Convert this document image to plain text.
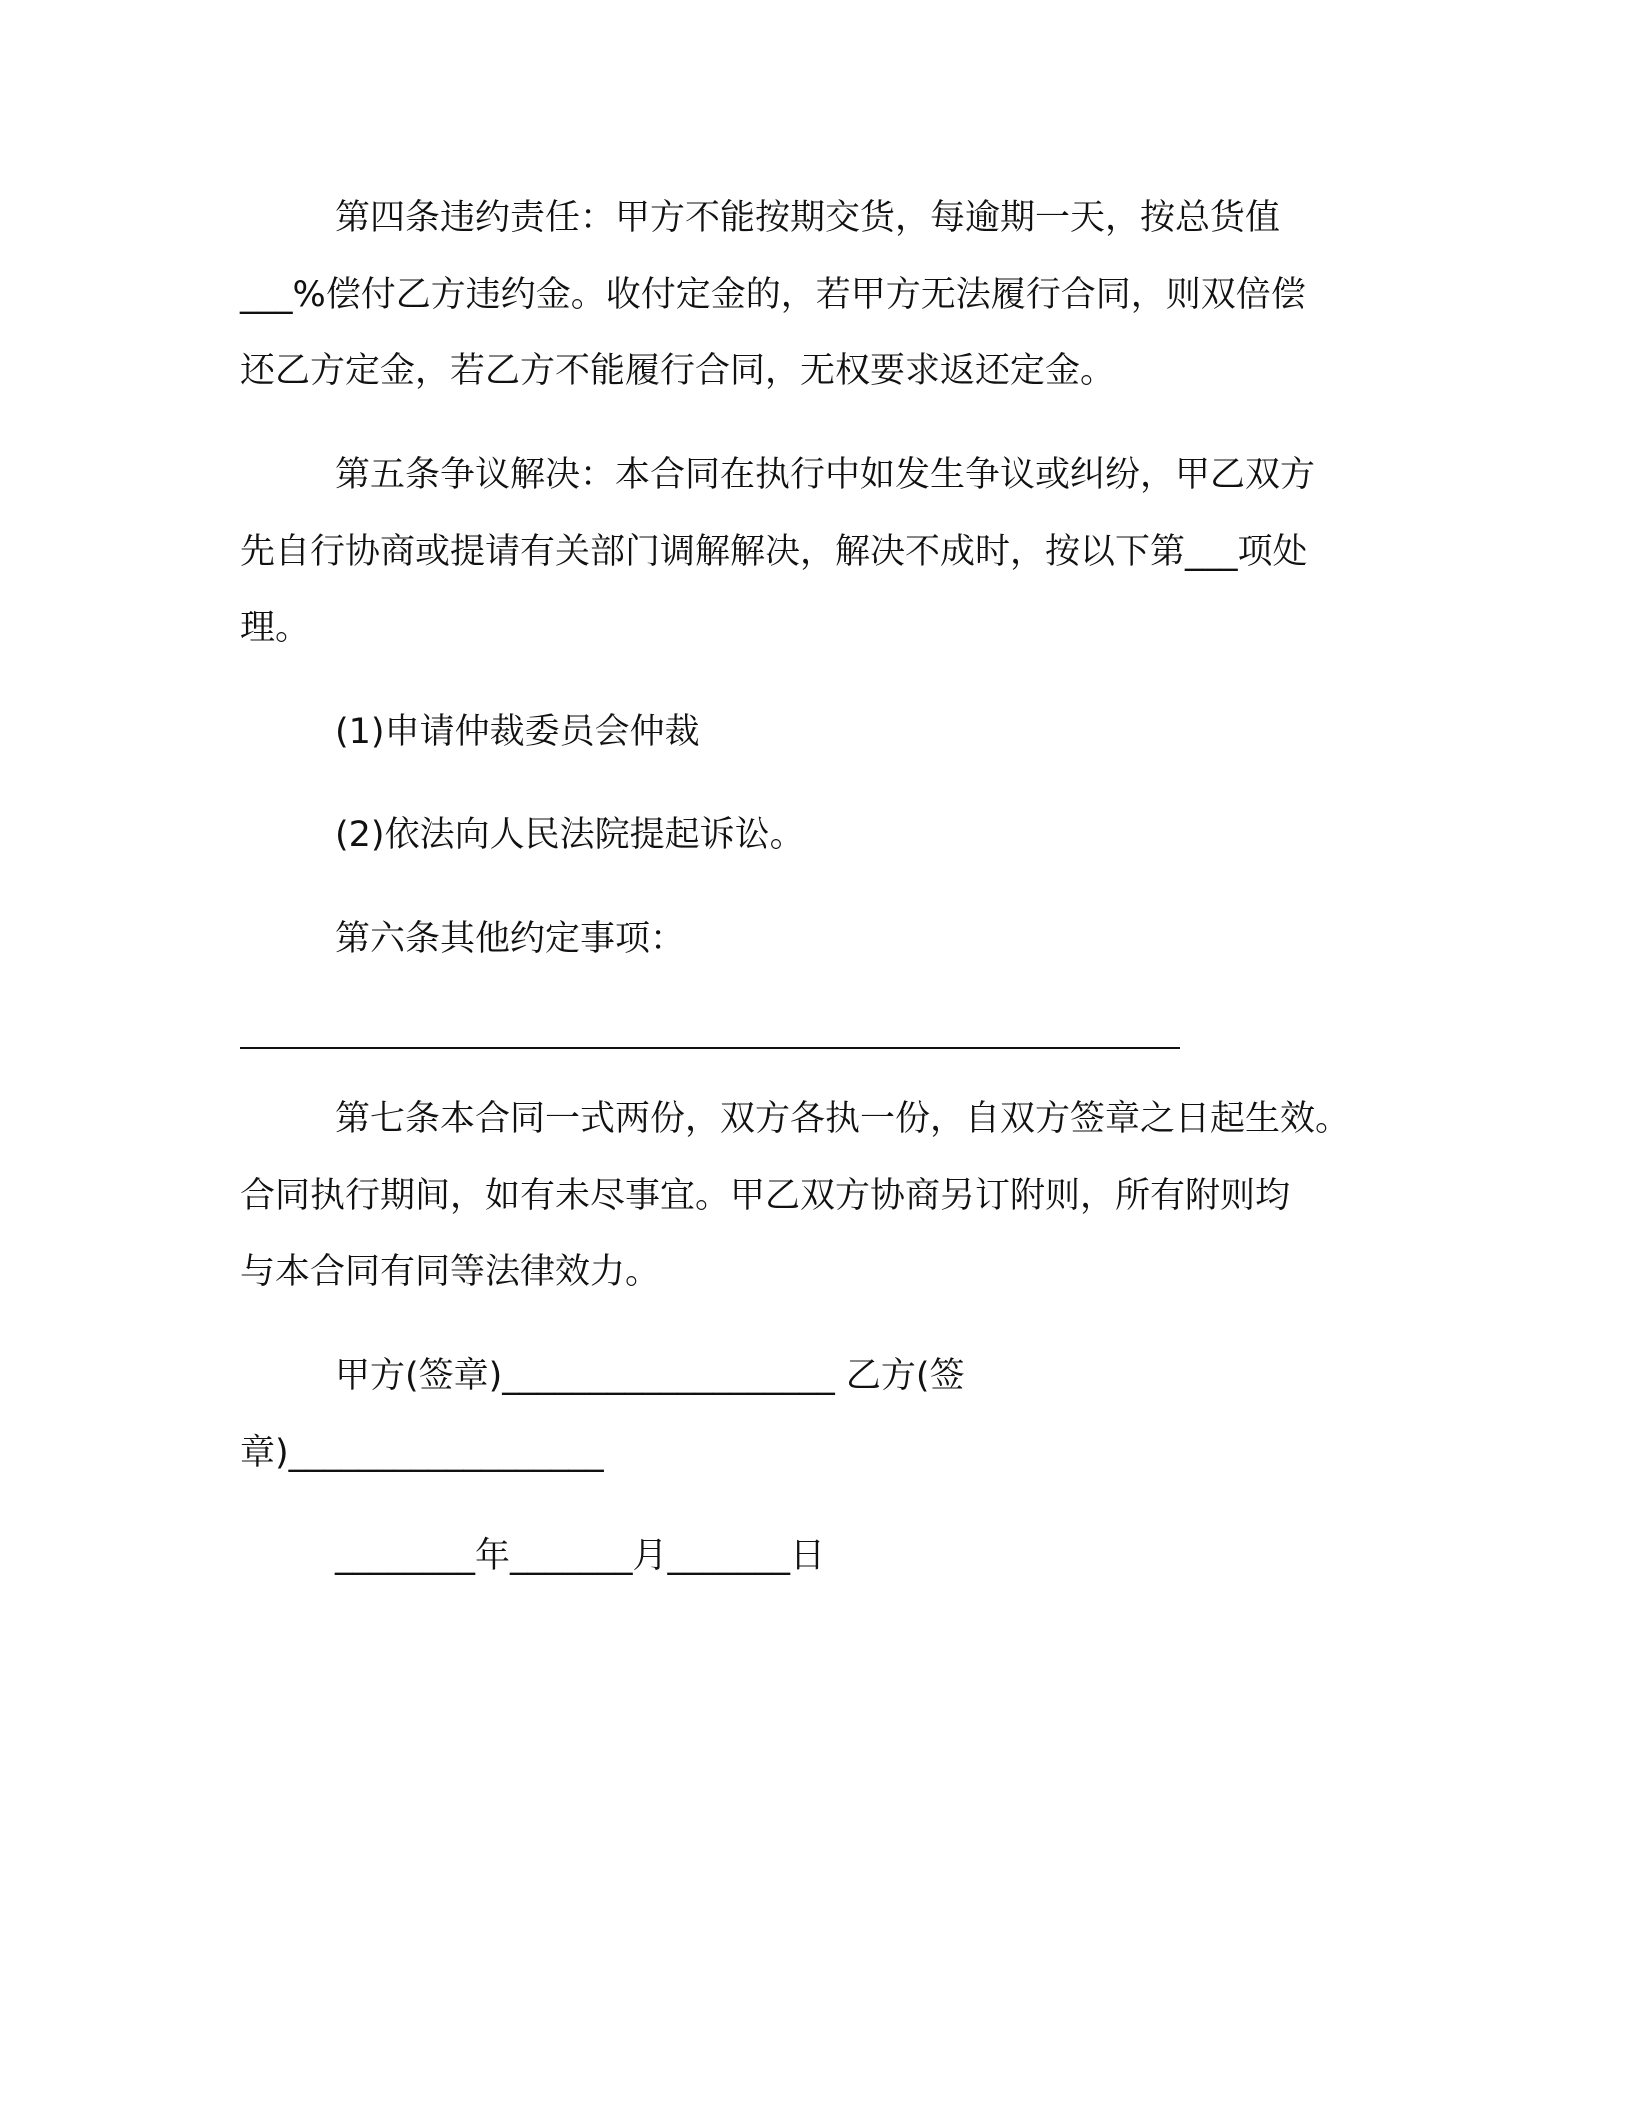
第四条违约责任：甲方不能按期交货，每逾期一天，按总货值
___%偿付乙方违约金。收付定金的，若甲方无法履行合同，则双倍偿
还乙方定金，若乙方不能履行合同，无权要求返还定金。
第五条争议解决：本合同在执行中如发生争议或纠纷，甲乙双方
先自行协商或提请有关部门调解解决，解决不成时，按以下第___项处
理。
(1)申请仲裁委员会仲裁
(2)依法向人民法院提起诉讼。
第六条其他约定事项：
第七条本合同一式两份，双方各执一份，自双方签章之日起生效。
合同执行期间，如有未尽事宜。甲乙双方协商另订附则，所有附则均
与本合同有同等法律效力。
甲方(签章)___________________ 乙方(签
章)__________________
________年_______月_______日
